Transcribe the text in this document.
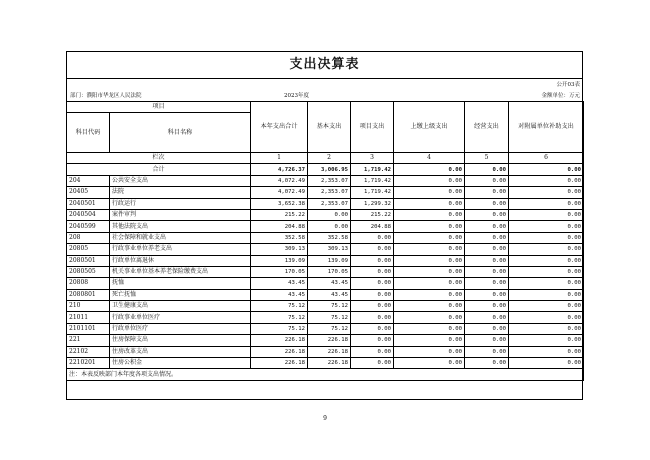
支出决算表
公开03表
部门：濮阳市华龙区人民法院	2023年度	金额单位：万元
项目		本年支出合计	基本支出	项目支出	上缴上级支出	经营支出	对附属单位补助支出
科目代码	科目名称						
栏次		1	2	3	4	5	6
合计		4,726.37	3,006.95	1,719.42	0.00	0.00	0.00
204	公共安全支出	4,072.49	2,353.07	1,719.42	0.00	0.00	0.00
20405	法院	4,072.49	2,353.07	1,719.42	0.00	0.00	0.00
2040501	行政运行	3,652.38	2,353.07	1,299.32	0.00	0.00	0.00
2040504	案件审判	215.22	0.00	215.22	0.00	0.00	0.00
2040599	其他法院支出	204.88	0.00	204.88	0.00	0.00	0.00
208	社会保障和就业支出	352.58	352.58	0.00	0.00	0.00	0.00
20805	行政事业单位养老支出	309.13	309.13	0.00	0.00	0.00	0.00
2080501	行政单位离退休	139.09	139.09	0.00	0.00	0.00	0.00
2080505	机关事业单位基本养老保险缴费支出	170.05	170.05	0.00	0.00	0.00	0.00
20808	抚恤	43.45	43.45	0.00	0.00	0.00	0.00
2080801	死亡抚恤	43.45	43.45	0.00	0.00	0.00	0.00
210	卫生健康支出	75.12	75.12	0.00	0.00	0.00	0.00
21011	行政事业单位医疗	75.12	75.12	0.00	0.00	0.00	0.00
2101101	行政单位医疗	75.12	75.12	0.00	0.00	0.00	0.00
221	住房保障支出	226.18	226.18	0.00	0.00	0.00	0.00
22102	住房改革支出	226.18	226.18	0.00	0.00	0.00	0.00
2210201	住房公积金	226.18	226.18	0.00	0.00	0.00	0.00
注：本表反映部门本年度各项支出情况。							
9
